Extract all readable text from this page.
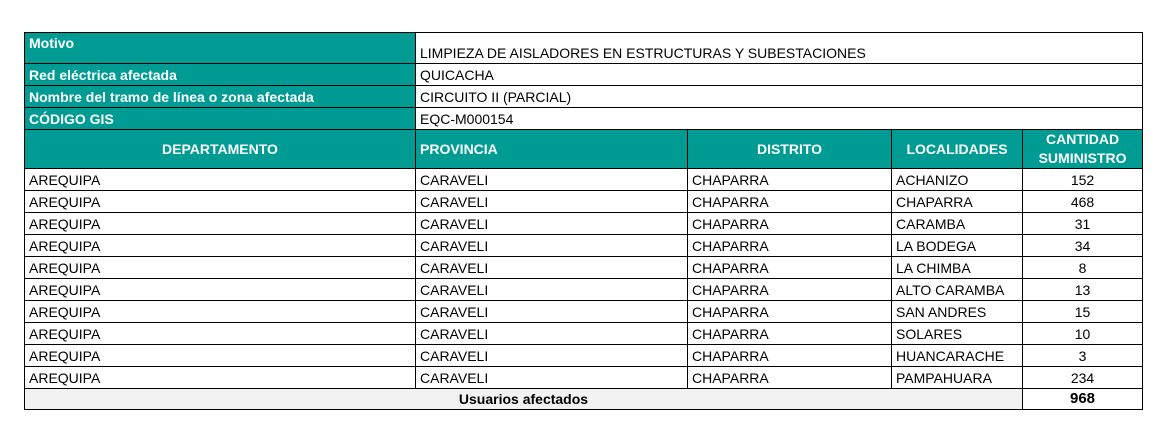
Motivo	LIMPIEZA DE AISLADORES EN ESTRUCTURAS Y SUBESTACIONES			
Red eléctrica afectada	QUICACHA			
Nombre del tramo de línea o zona afectada	CIRCUITO II (PARCIAL)			
CÓDIGO GIS	EQC-M000154			
DEPARTAMENTO	PROVINCIA	DISTRITO	LOCALIDADES	CANTIDAD
SUMINISTRO

AREQUIPA	CARAVELI	CHAPARRA	ACHANIZO	152
AREQUIPA	CARAVELI	CHAPARRA	CHAPARRA	468
AREQUIPA	CARAVELI	CHAPARRA	CARAMBA	31
AREQUIPA	CARAVELI	CHAPARRA	LA BODEGA	34
AREQUIPA	CARAVELI	CHAPARRA	LA CHIMBA	8
AREQUIPA	CARAVELI	CHAPARRA	ALTO CARAMBA	13
AREQUIPA	CARAVELI	CHAPARRA	SAN ANDRES	15
AREQUIPA	CARAVELI	CHAPARRA	SOLARES	10
AREQUIPA	CARAVELI	CHAPARRA	HUANCARACHE	3
AREQUIPA	CARAVELI	CHAPARRA	PAMPAHUARA	234
Usuarios afectados				968
